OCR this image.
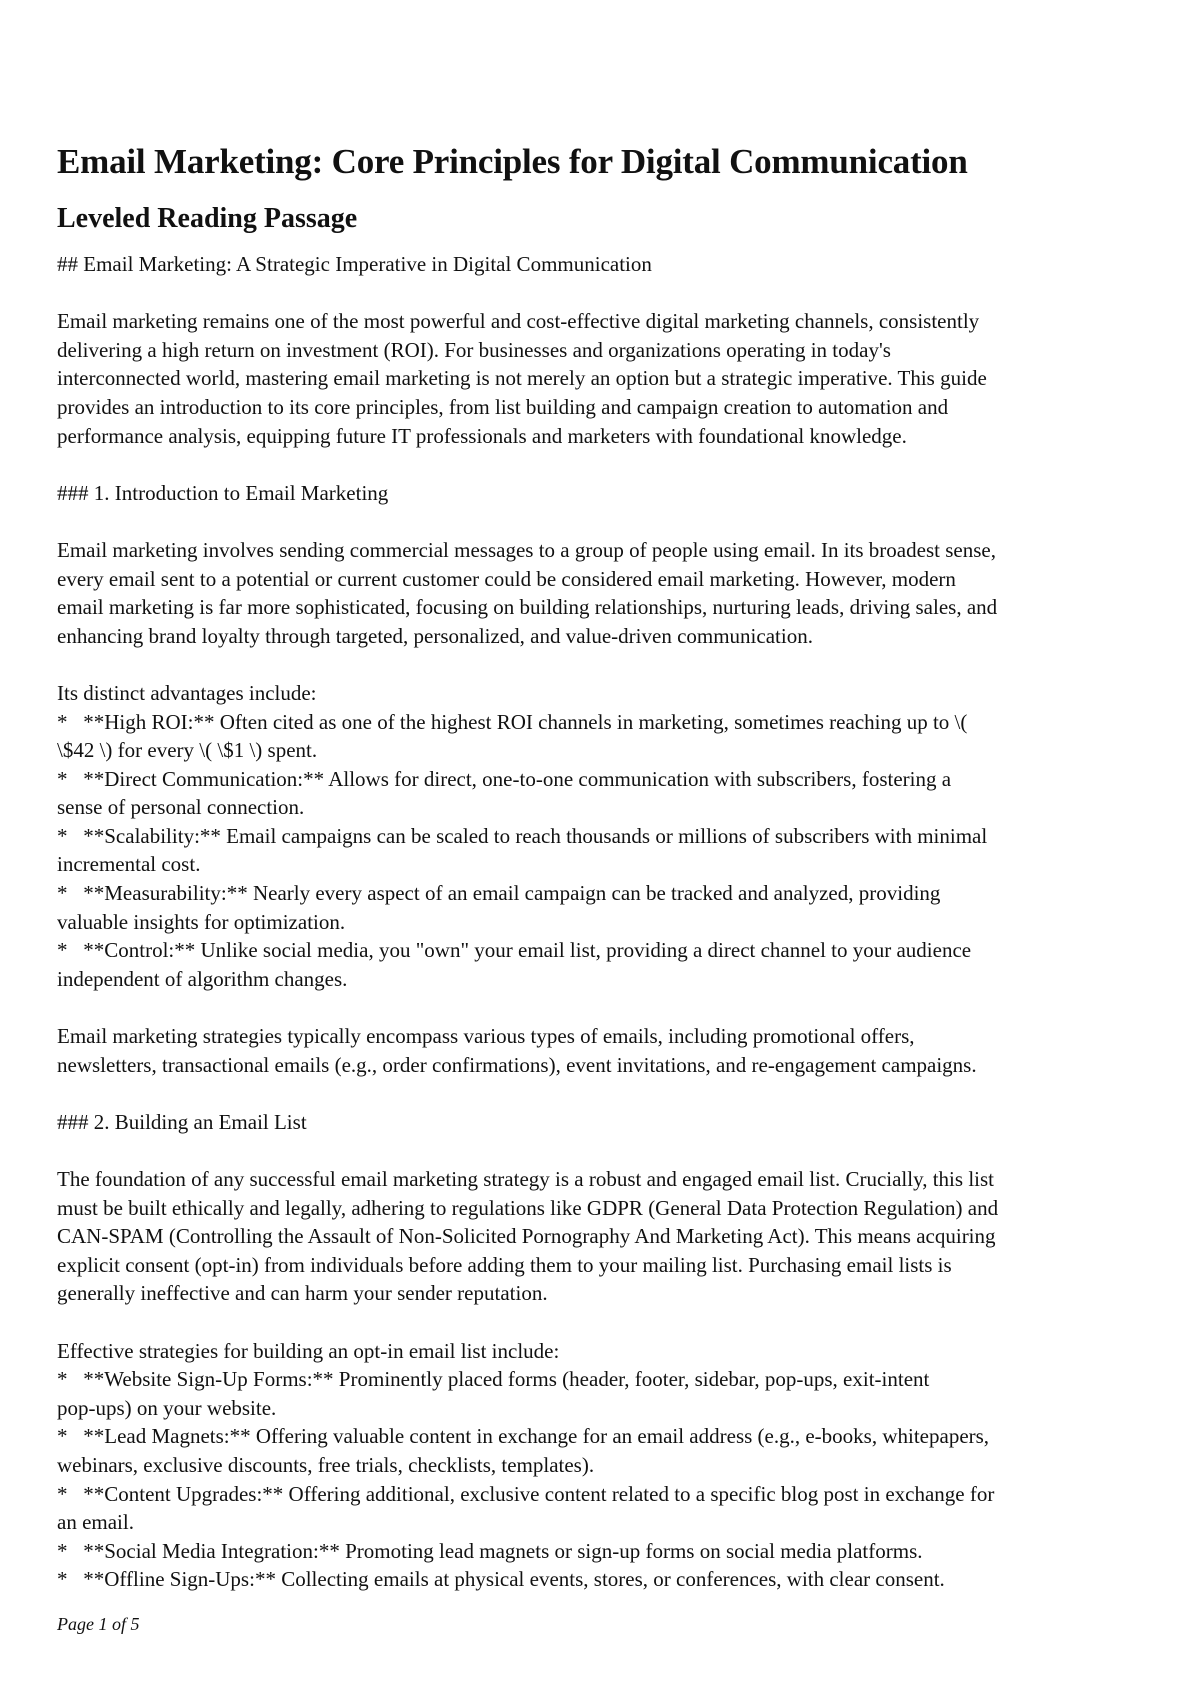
Email Marketing: Core Principles for Digital Communication
Leveled Reading Passage

## Email Marketing: A Strategic Imperative in Digital Communication

Email marketing remains one of the most powerful and cost-effective digital marketing channels, consistently

delivering a high return on investment (ROI). For businesses and organizations operating in today's

interconnected world, mastering email marketing is not merely an option but a strategic imperative. This guide

provides an introduction to its core principles, from list building and campaign creation to automation and

performance analysis, equipping future IT professionals and marketers with foundational knowledge.

### 1. Introduction to Email Marketing

Email marketing involves sending commercial messages to a group of people using email. In its broadest sense,

every email sent to a potential or current customer could be considered email marketing. However, modern

email marketing is far more sophisticated, focusing on building relationships, nurturing leads, driving sales, and

enhancing brand loyalty through targeted, personalized, and value-driven communication.

Its distinct advantages include:

*   **High ROI:** Often cited as one of the highest ROI channels in marketing, sometimes reaching up to \(

\$42 \) for every \( \$1 \) spent.

*   **Direct Communication:** Allows for direct, one-to-one communication with subscribers, fostering a

sense of personal connection.

*   **Scalability:** Email campaigns can be scaled to reach thousands or millions of subscribers with minimal

incremental cost.

*   **Measurability:** Nearly every aspect of an email campaign can be tracked and analyzed, providing

valuable insights for optimization.

*   **Control:** Unlike social media, you "own" your email list, providing a direct channel to your audience

independent of algorithm changes.

Email marketing strategies typically encompass various types of emails, including promotional offers,

newsletters, transactional emails (e.g., order confirmations), event invitations, and re-engagement campaigns.

### 2. Building an Email List

The foundation of any successful email marketing strategy is a robust and engaged email list. Crucially, this list

must be built ethically and legally, adhering to regulations like GDPR (General Data Protection Regulation) and

CAN-SPAM (Controlling the Assault of Non-Solicited Pornography And Marketing Act). This means acquiring

explicit consent (opt-in) from individuals before adding them to your mailing list. Purchasing email lists is

generally ineffective and can harm your sender reputation.

Effective strategies for building an opt-in email list include:

*   **Website Sign-Up Forms:** Prominently placed forms (header, footer, sidebar, pop-ups, exit-intent

pop-ups) on your website.

*   **Lead Magnets:** Offering valuable content in exchange for an email address (e.g., e-books, whitepapers,

webinars, exclusive discounts, free trials, checklists, templates).

*   **Content Upgrades:** Offering additional, exclusive content related to a specific blog post in exchange for

an email.

*   **Social Media Integration:** Promoting lead magnets or sign-up forms on social media platforms.

*   **Offline Sign-Ups:** Collecting emails at physical events, stores, or conferences, with clear consent.

Page 1 of 5
